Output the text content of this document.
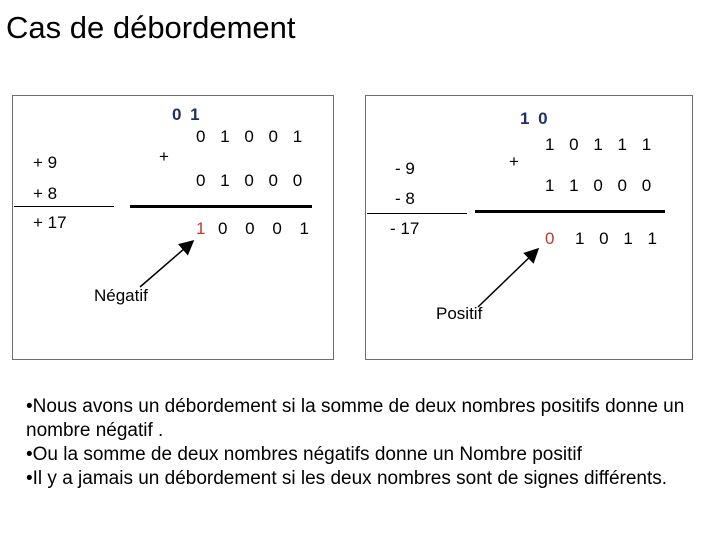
Cas de débordement
0 1
0 1 0 0 1
+
0 1 0 0 0
1 0 0 0 1
+ 9
+ 8
+ 17
Négatif
1 0
1 0 1 1 1
+
1 1 0 0 0
0 1 0 1 1
- 9
- 8
- 17
Positif

•Nous avons un débordement si la somme de deux nombres positifs donne un nombre négatif .

•Ou la somme de deux nombres négatifs donne un Nombre positif

•Il y a jamais un débordement si les deux nombres sont de signes différents.
